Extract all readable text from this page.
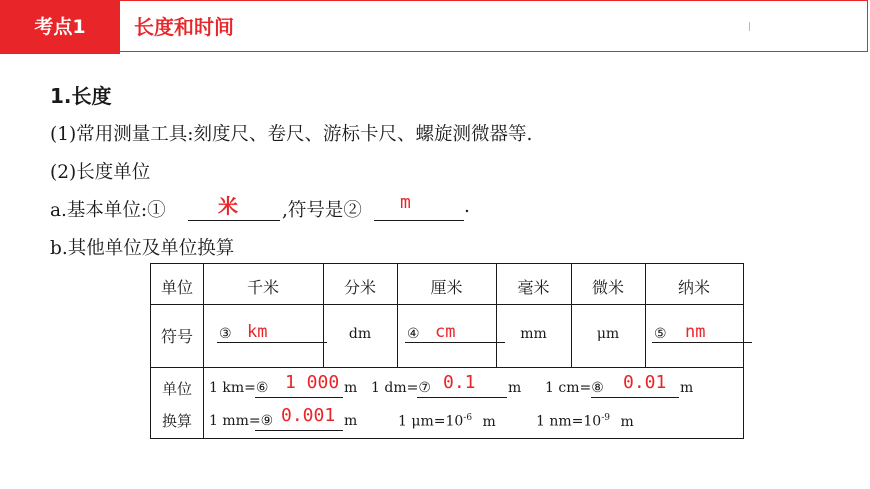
考点1	长度和时间
1.长度
(1)常用测量工具:刻度尺、卷尺、游标卡尺、螺旋测微器等.
(2)长度单位
a.基本单位:①	米 ,符号是② m	.
b.其他单位及单位换算
单位	千米	分米	厘米	毫米	微米	纳米
符号	③ km	dm	④ cm	mm	μm	⑤ nm
单位
换算
1 km=⑥ 1 000 m 1 dm=⑦ 0.1 m 1 cm=⑧ 0.01 m
1 mm=⑨ 0.001 m	1 $\mu m=10^{-6}$ m	1 $nm=10^{-9}$ m
